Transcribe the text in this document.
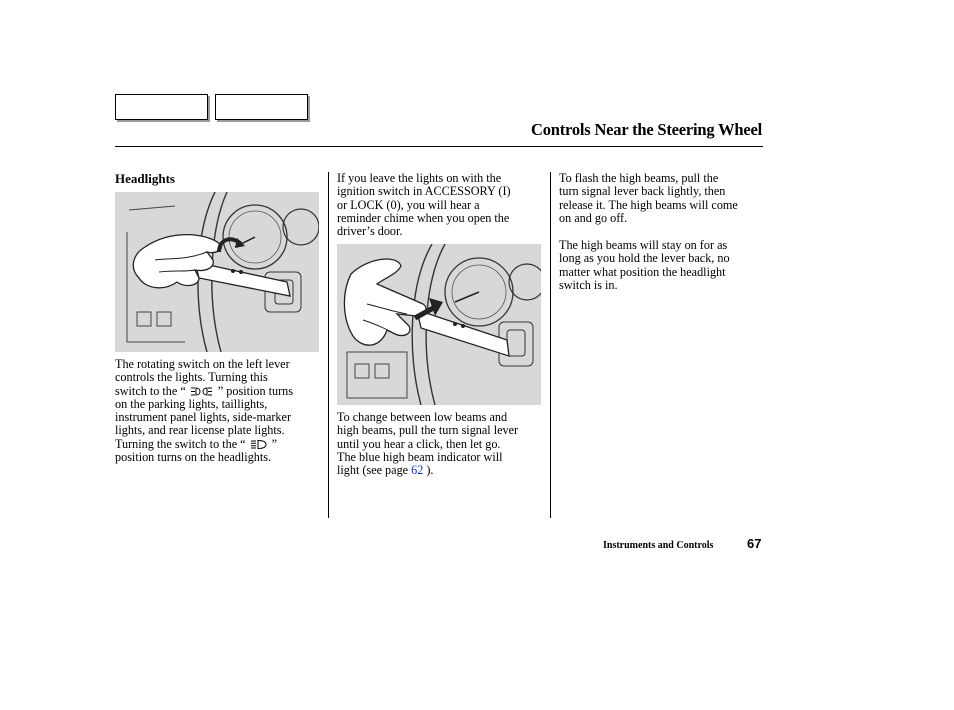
Controls Near the Steering Wheel
Headlights

The rotating switch on the left lever
controls the lights. Turning this
switch to the “	” position turns
on the parking lights, taillights,
instrument panel lights, side-marker
lights, and rear license plate lights.
Turning the switch to the “ ”
position turns on the headlights.

If you leave the lights on with the
ignition switch in ACCESSORY (I)
or LOCK (0), you will hear a
reminder chime when you open the
driver’s door.

To change between low beams and
high beams, pull the turn signal lever
until you hear a click, then let go.
The blue high beam indicator will
light (see page 62 ).

To flash the high beams, pull the
turn signal lever back lightly, then
release it. The high beams will come
on and go off.

The high beams will stay on for as
long as you hold the lever back, no
matter what position the headlight
switch is in.

Instruments and Controls	67
